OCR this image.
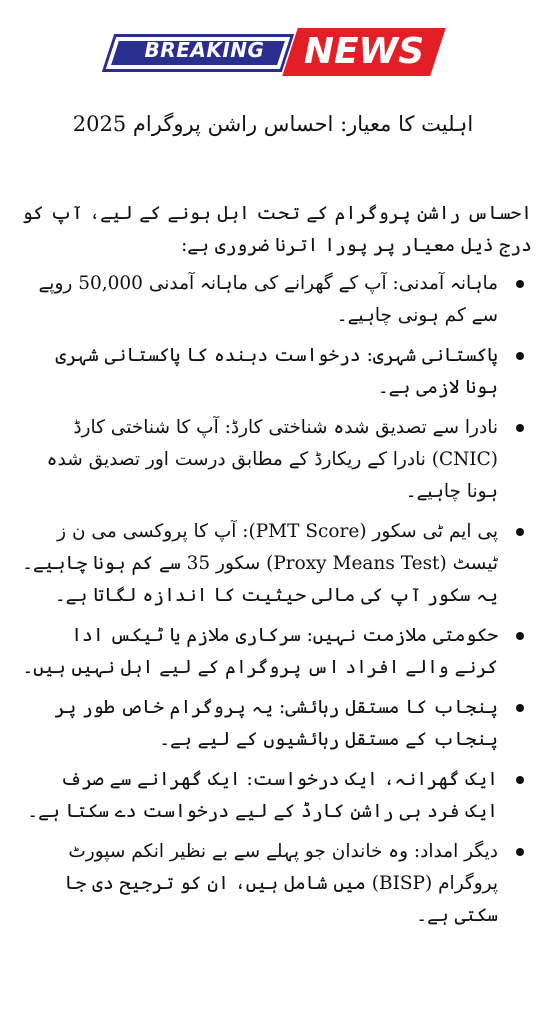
BREAKING	NEWS
اہلیت کا معیار: احساس راشن پروگرام 2025

احساس راشن پروگرام کے تحت اہل ہونے کے لیے، آپ کو درج ذیل معیار پر پورا اترنا ضروری ہے:

ماہانہ آمدنی: آپ کے گھرانے کی ماہانہ آمدنی 50,000 روپے سے کم ہونی چاہیے۔
پاکستانی شہری: درخواست دہندہ کا پاکستانی شہری ہونا لازمی ہے۔
نادرا سے تصدیق شدہ شناختی کارڈ: آپ کا شناختی کارڈ (CNIC) نادرا کے ریکارڈ کے مطابق درست اور تصدیق شدہ ہونا چاہیے۔
پی ایم ٹی سکور (PMT Score): آپ کا پروکسی می ن ز ٹیسٹ (Proxy Means Test) سکور 35 سے کم ہونا چاہیے۔ یہ سکور آپ کی مالی حیثیت کا اندازہ لگاتا ہے۔
حکومتی ملازمت نہیں: سرکاری ملازم یا ٹیکس ادا کرنے والے افراد اس پروگرام کے لیے اہل نہیں ہیں۔
پنجاب کا مستقل رہائشی: یہ پروگرام خاص طور پر پنجاب کے مستقل رہائشیوں کے لیے ہے۔
ایک گھرانہ، ایک درخواست: ایک گھرانے سے صرف ایک فرد ہی راشن کارڈ کے لیے درخواست دے سکتا ہے۔
دیگر امداد: وہ خاندان جو پہلے سے بے نظیر انکم سپورٹ پروگرام (BISP) میں شامل ہیں، ان کو ترجیح دی جا سکتی ہے۔
